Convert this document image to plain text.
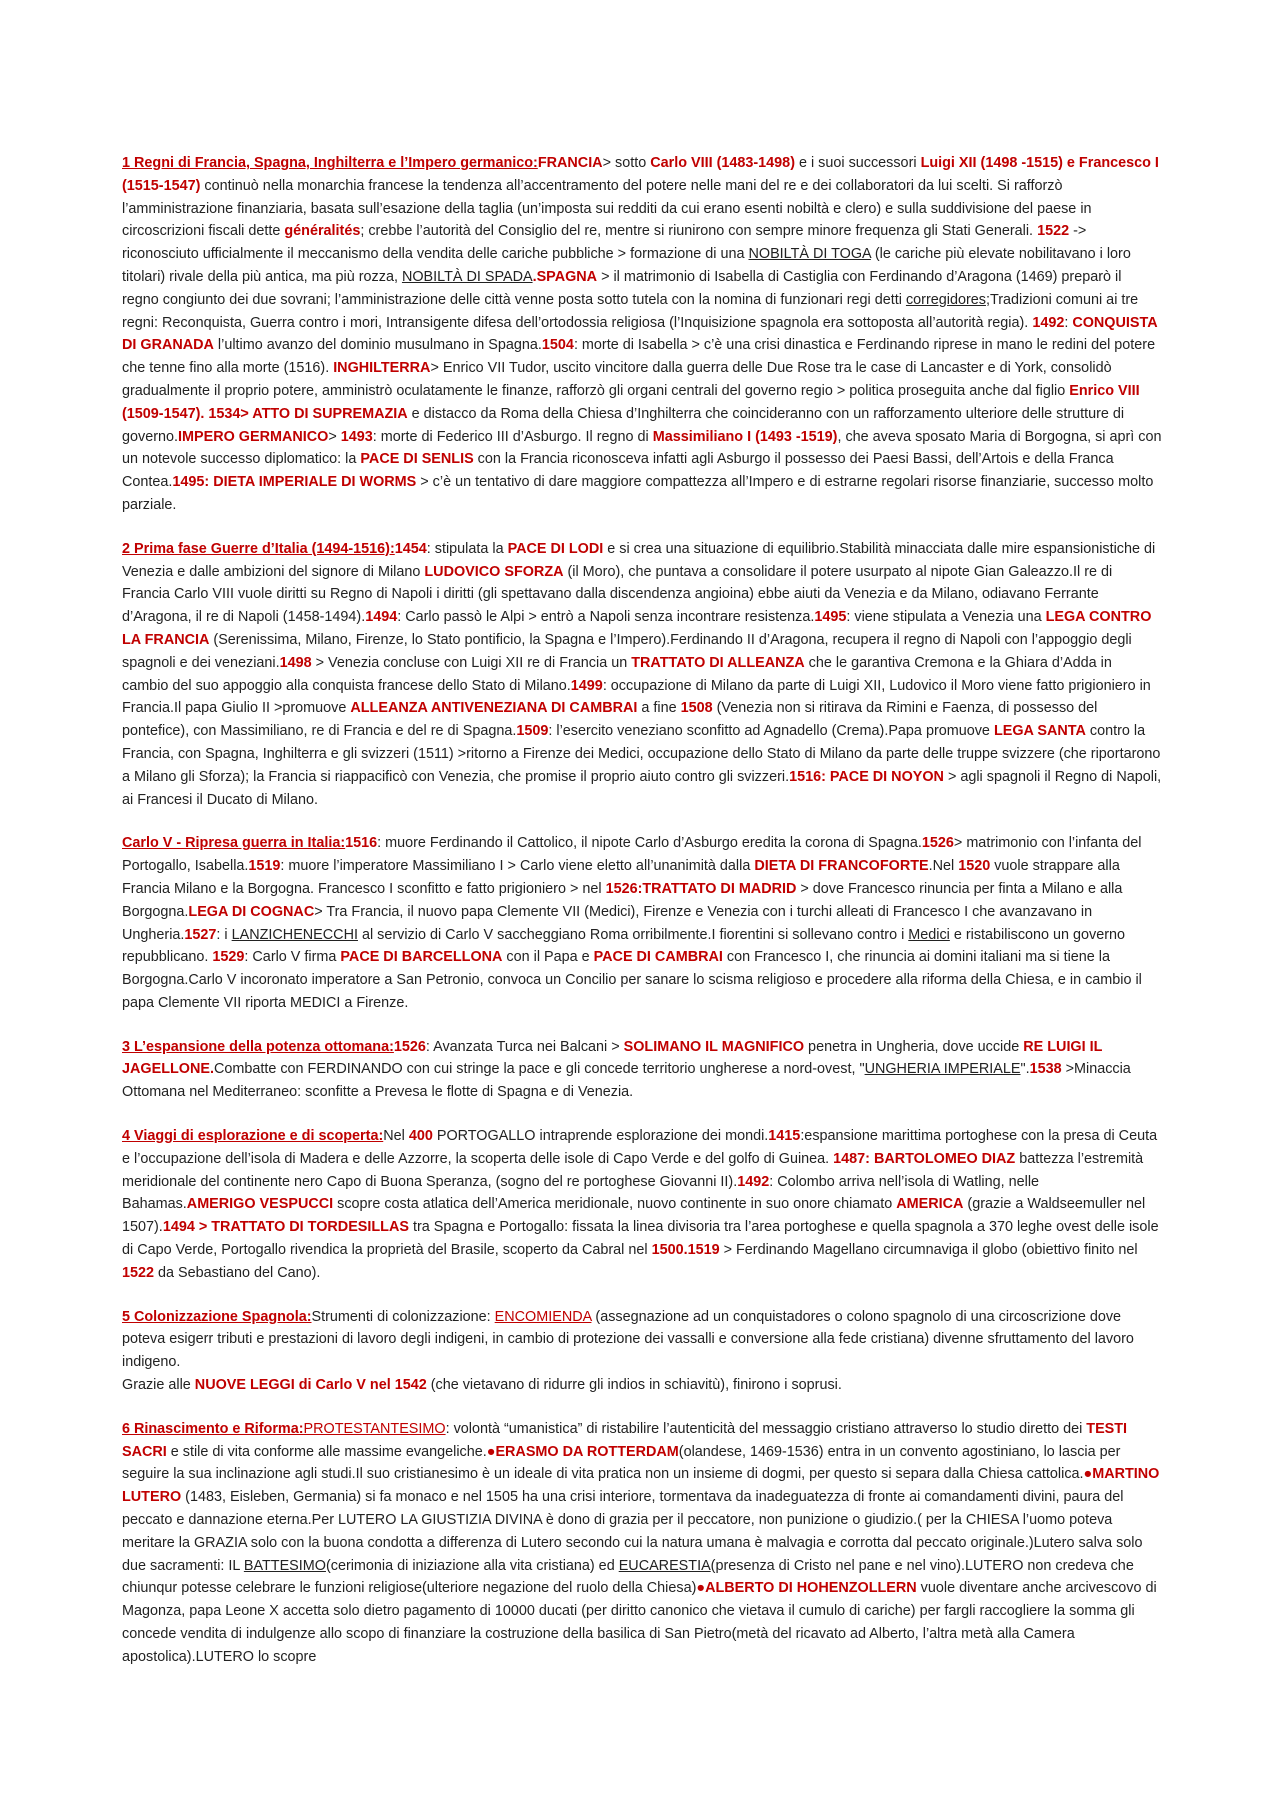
1 Regni di Francia, Spagna, Inghilterra e l’Impero germanico:FRANCIA> sotto Carlo VIII (1483-1498) e i suoi successori Luigi XII (1498 -1515) e Francesco I (1515-1547) continuò nella monarchia francese la tendenza all’accentramento del potere nelle mani del re e dei collaboratori da lui scelti. Si rafforzò l’amministrazione finanziaria, basata sull’esazione della taglia (un’imposta sui redditi da cui erano esenti nobiltà e clero) e sulla suddivisione del paese in circoscrizioni fiscali dette généralités; crebbe l’autorità del Consiglio del re, mentre si riunirono con sempre minore frequenza gli Stati Generali. 1522 -> riconosciuto ufficialmente il meccanismo della vendita delle cariche pubbliche > formazione di una NOBILTÀ DI TOGA (le cariche più elevate nobilitavano i loro titolari) rivale della più antica, ma più rozza, NOBILTÀ DI SPADA.SPAGNA > il matrimonio di Isabella di Castiglia con Ferdinando d’Aragona (1469) preparò il regno congiunto dei due sovrani; l’amministrazione delle città venne posta sotto tutela con la nomina di funzionari regi detti corregidores;Tradizioni comuni ai tre regni: Reconquista, Guerra contro i mori, Intransigente difesa dell’ortodossia religiosa (l’Inquisizione spagnola era sottoposta all’autorità regia). 1492: CONQUISTA DI GRANADA l’ultimo avanzo del dominio musulmano in Spagna.1504: morte di Isabella > c’è una crisi dinastica e Ferdinando riprese in mano le redini del potere che tenne fino alla morte (1516). INGHILTERRA> Enrico VII Tudor, uscito vincitore dalla guerra delle Due Rose tra le case di Lancaster e di York, consolidò gradualmente il proprio potere, amministrò oculatamente le finanze, rafforzò gli organi centrali del governo regio > politica proseguita anche dal figlio Enrico VIII (1509-1547). 1534> ATTO DI SUPREMAZIA e distacco da Roma della Chiesa d’Inghilterra che coincideranno con un rafforzamento ulteriore delle strutture di governo.IMPERO GERMANICO> 1493: morte di Federico III d’Asburgo. Il regno di Massimiliano I (1493 -1519), che aveva sposato Maria di Borgogna, si aprì con un notevole successo diplomatico: la PACE DI SENLIS con la Francia riconosceva infatti agli Asburgo il possesso dei Paesi Bassi, dell’Artois e della Franca Contea.1495: DIETA IMPERIALE DI WORMS > c’è un tentativo di dare maggiore compattezza all’Impero e di estrarne regolari risorse finanziarie, successo molto parziale.
2 Prima fase Guerre d’Italia (1494-1516):1454: stipulata la PACE DI LODI e si crea una situazione di equilibrio.Stabilità minacciata dalle mire espansionistiche di Venezia e dalle ambizioni del signore di Milano LUDOVICO SFORZA (il Moro), che puntava a consolidare il potere usurpato al nipote Gian Galeazzo.Il re di Francia Carlo VIII vuole diritti su Regno di Napoli i diritti (gli spettavano dalla discendenza angioina) ebbe aiuti da Venezia e da Milano, odiavano Ferrante d’Aragona, il re di Napoli (1458-1494).1494: Carlo passò le Alpi > entrò a Napoli senza incontrare resistenza.1495: viene stipulata a Venezia una LEGA CONTRO LA FRANCIA (Serenissima, Milano, Firenze, lo Stato pontificio, la Spagna e l’Impero).Ferdinando II d’Aragona, recupera il regno di Napoli con l’appoggio degli spagnoli e dei veneziani.1498 > Venezia concluse con Luigi XII re di Francia un TRATTATO DI ALLEANZA che le garantiva Cremona e la Ghiara d’Adda in cambio del suo appoggio alla conquista francese dello Stato di Milano.1499: occupazione di Milano da parte di Luigi XII, Ludovico il Moro viene fatto prigioniero in Francia.Il papa Giulio II >promuove ALLEANZA ANTIVENEZIANA DI CAMBRAI a fine 1508 (Venezia non si ritirava da Rimini e Faenza, di possesso del pontefice), con Massimiliano, re di Francia e del re di Spagna.1509: l’esercito veneziano sconfitto ad Agnadello (Crema).Papa promuove LEGA SANTA contro la Francia, con Spagna, Inghilterra e gli svizzeri (1511) >ritorno a Firenze dei Medici, occupazione dello Stato di Milano da parte delle truppe svizzere (che riportarono a Milano gli Sforza); la Francia si riappacificò con Venezia, che promise il proprio aiuto contro gli svizzeri.1516: PACE DI NOYON > agli spagnoli il Regno di Napoli, ai Francesi il Ducato di Milano.
Carlo V - Ripresa guerra in Italia:1516: muore Ferdinando il Cattolico, il nipote Carlo d’Asburgo eredita la corona di Spagna.1526> matrimonio con l’infanta del Portogallo, Isabella.1519: muore l’imperatore Massimiliano I > Carlo viene eletto all’unanimità dalla DIETA DI FRANCOFORTE.Nel 1520 vuole strappare alla Francia Milano e la Borgogna. Francesco I sconfitto e fatto prigioniero > nel 1526:TRATTATO DI MADRID > dove Francesco rinuncia per finta a Milano e alla Borgogna.LEGA DI COGNAC> Tra Francia, il nuovo papa Clemente VII (Medici), Firenze e Venezia con i turchi alleati di Francesco I che avanzavano in Ungheria.1527: i LANZICHENECCHI al servizio di Carlo V saccheggiano Roma orribilmente.I fiorentini si sollevano contro i Medici e ristabiliscono un governo repubblicano. 1529: Carlo V firma PACE DI BARCELLONA con il Papa e PACE DI CAMBRAI con Francesco I, che rinuncia ai domini italiani ma si tiene la Borgogna.Carlo V incoronato imperatore a San Petronio, convoca un Concilio per sanare lo scisma religioso e procedere alla riforma della Chiesa, e in cambio il papa Clemente VII riporta MEDICI a Firenze.
3 L’espansione della potenza ottomana:1526: Avanzata Turca nei Balcani > SOLIMANO IL MAGNIFICO penetra in Ungheria, dove uccide RE LUIGI IL JAGELLONE.Combatte con FERDINANDO con cui stringe la pace e gli concede territorio ungherese a nord-ovest, "UNGHERIA IMPERIALE".1538 >Minaccia Ottomana nel Mediterraneo: sconfitte a Prevesa le flotte di Spagna e di Venezia.
4 Viaggi di esplorazione e di scoperta:Nel 400 PORTOGALLO intraprende esplorazione dei mondi.1415:espansione marittima portoghese con la presa di Ceuta e l’occupazione dell’isola di Madera e delle Azzorre, la scoperta delle isole di Capo Verde e del golfo di Guinea. 1487: BARTOLOMEO DIAZ battezza l’estremità meridionale del continente nero Capo di Buona Speranza, (sogno del re portoghese Giovanni II).1492: Colombo arriva nell’isola di Watling, nelle Bahamas.AMERIGO VESPUCCI scopre costa atlatica dell’America meridionale, nuovo continente in suo onore chiamato AMERICA (grazie a Waldseemuller nel 1507).1494 > TRATTATO DI TORDESILLAS tra Spagna e Portogallo: fissata la linea divisoria tra l’area portoghese e quella spagnola a 370 leghe ovest delle isole di Capo Verde, Portogallo rivendica la proprietà del Brasile, scoperto da Cabral nel 1500.1519 > Ferdinando Magellano circumnaviga il globo (obiettivo finito nel 1522 da Sebastiano del Cano).
5 Colonizzazione Spagnola:Strumenti di colonizzazione: ENCOMIENDA (assegnazione ad un conquistadores o colono spagnolo di una circoscrizione dove poteva esigerr tributi e prestazioni di lavoro degli indigeni, in cambio di protezione dei vassalli e conversione alla fede cristiana) divenne sfruttamento del lavoro indigeno.
Grazie alle NUOVE LEGGI di Carlo V nel 1542 (che vietavano di ridurre gli indios in schiavitù), finirono i soprusi.
6 Rinascimento e Riforma:PROTESTANTESIMO: volontà “umanistica” di ristabilire l’autenticità del messaggio cristiano attraverso lo studio diretto dei TESTI SACRI e stile di vita conforme alle massime evangeliche.●ERASMO DA ROTTERDAM(olandese, 1469-1536) entra in un convento agostiniano, lo lascia per seguire la sua inclinazione agli studi.Il suo cristianesimo è un ideale di vita pratica non un insieme di dogmi, per questo si separa dalla Chiesa cattolica.●MARTINO LUTERO (1483, Eisleben, Germania) si fa monaco e nel 1505 ha una crisi interiore, tormentava da inadeguatezza di fronte ai comandamenti divini, paura del peccato e dannazione eterna.Per LUTERO LA GIUSTIZIA DIVINA è dono di grazia per il peccatore, non punizione o giudizio.( per la CHIESA l’uomo poteva meritare la GRAZIA solo con la buona condotta a differenza di Lutero secondo cui la natura umana è malvagia e corrotta dal peccato originale.)Lutero salva solo due sacramenti: IL BATTESIMO(cerimonia di iniziazione alla vita cristiana) ed EUCARESTIA(presenza di Cristo nel pane e nel vino).LUTERO non credeva che chiunqur potesse celebrare le funzioni religiose(ulteriore negazione del ruolo della Chiesa)●ALBERTO DI HOHENZOLLERN vuole diventare anche arcivescovo di Magonza, papa Leone X accetta solo dietro pagamento di 10000 ducati (per diritto canonico che vietava il cumulo di cariche) per fargli raccogliere la somma gli concede vendita di indulgenze allo scopo di finanziare la costruzione della basilica di San Pietro(metà del ricavato ad Alberto, l’altra metà alla Camera apostolica).LUTERO lo scopre
